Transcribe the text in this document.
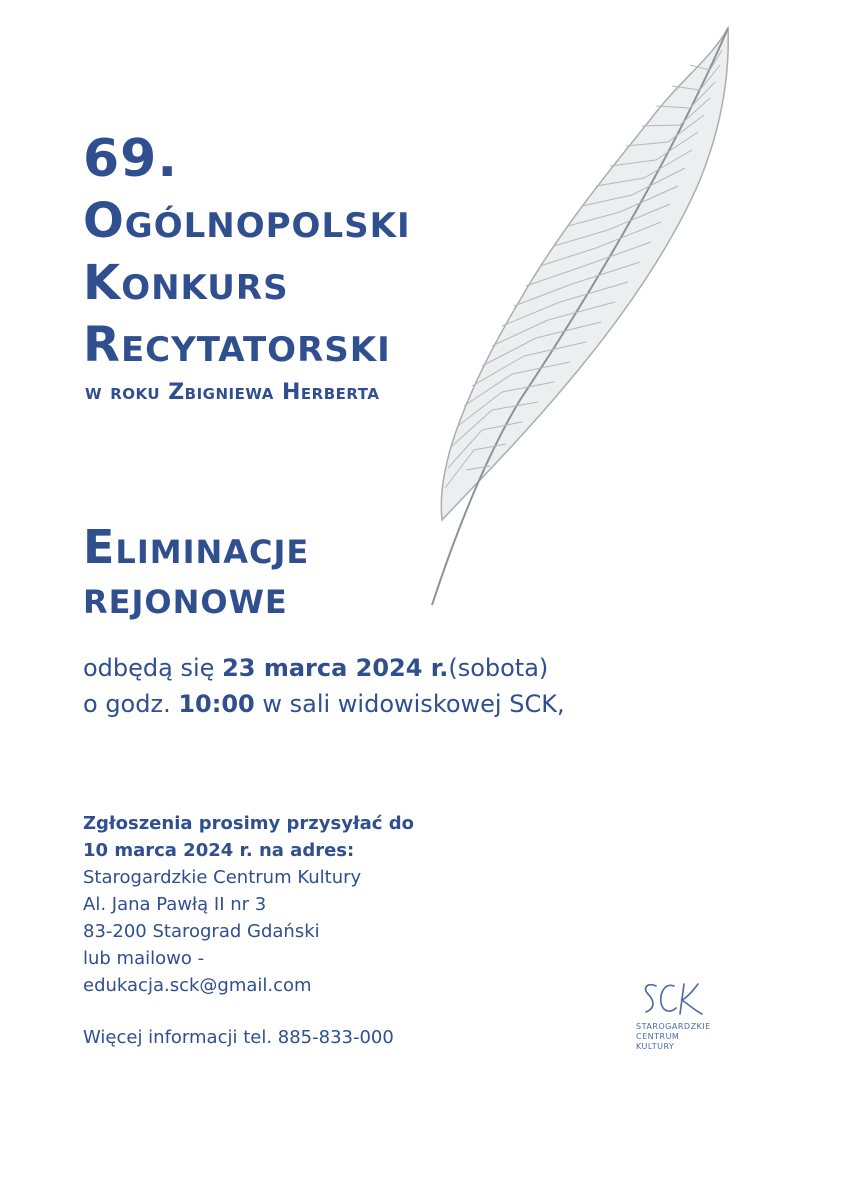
69.

Ogólnopolski

Konkurs

Recytatorski

w roku Zbigniewa Herberta

Eliminacje

rejonowe

odbędą się 23 marca 2024 r.(sobota)

o godz. 10:00 w sali widowiskowej SCK,

Zgłoszenia prosimy przysyłać do

10 marca 2024 r. na adres:

Starogardzkie Centrum Kultury

Al. Jana Pawłą II nr 3

83-200 Starograd Gdański

lub mailowo -

edukacja.sck@gmail.com

Więcej informacji tel. 885-833-000

STAROGARDZKIE
CENTRUM
KULTURY
